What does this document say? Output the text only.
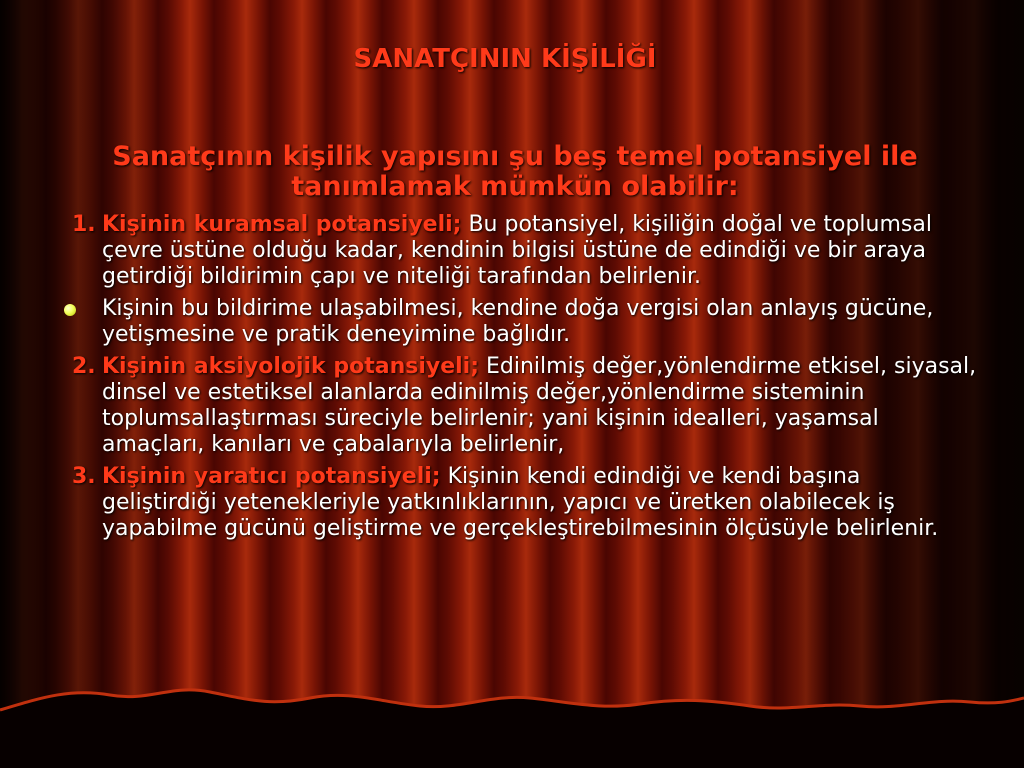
SANATÇININ KİŞİLİĞİ
Sanatçının kişilik yapısını şu beş temel potansiyel ile tanımlamak mümkün olabilir:
1. Kişinin kuramsal potansiyeli; Bu potansiyel, kişiliğin doğal ve toplumsal çevre üstüne olduğu kadar, kendinin bilgisi üstüne de edindiği ve bir araya getirdiği bildirimin çapı ve niteliği tarafından belirlenir.
Kişinin bu bildirime ulaşabilmesi, kendine doğa vergisi olan anlayış gücüne, yetişmesine ve pratik deneyimine bağlıdır.
2. Kişinin aksiyolojik potansiyeli; Edinilmiş değer,yönlendirme etkisel, siyasal, dinsel ve estetiksel alanlarda edinilmiş değer,yönlendirme sisteminin toplumsallaştırması süreciyle belirlenir; yani kişinin idealleri, yaşamsal amaçları, kanıları ve çabalarıyla belirlenir,
3. Kişinin yaratıcı potansiyeli; Kişinin kendi edindiği ve kendi başına geliştirdiği yetenekleriyle yatkınlıklarının, yapıcı ve üretken olabilecek iş yapabilme gücünü geliştirme ve gerçekleştirebilmesinin ölçüsüyle belirlenir.
